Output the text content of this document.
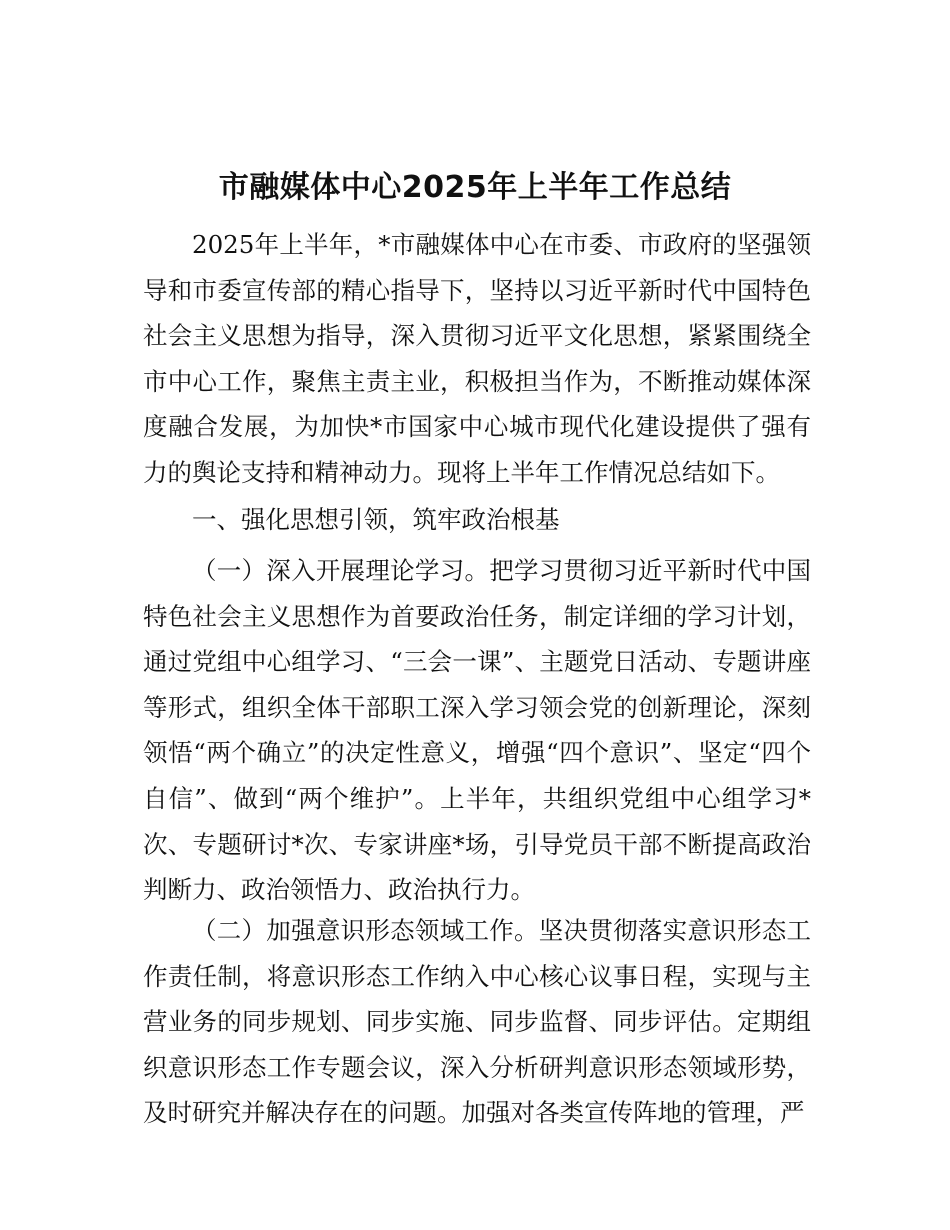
市融媒体中心2025年上半年工作总结

2025年上半年，*市融媒体中心在市委、市政府的坚强领导和市委宣传部的精心指导下，坚持以习近平新时代中国特色社会主义思想为指导，深入贯彻习近平文化思想，紧紧围绕全市中心工作，聚焦主责主业，积极担当作为，不断推动媒体深度融合发展，为加快*市国家中心城市现代化建设提供了强有力的舆论支持和精神动力。现将上半年工作情况总结如下。

一、强化思想引领，筑牢政治根基

（一）深入开展理论学习。把学习贯彻习近平新时代中国特色社会主义思想作为首要政治任务，制定详细的学习计划，通过党组中心组学习、“三会一课”、主题党日活动、专题讲座等形式，组织全体干部职工深入学习领会党的创新理论，深刻领悟“两个确立”的决定性意义，增强“四个意识”、坚定“四个自信”、做到“两个维护”。上半年，共组织党组中心组学习*次、专题研讨*次、专家讲座*场，引导党员干部不断提高政治判断力、政治领悟力、政治执行力。

（二）加强意识形态领域工作。坚决贯彻落实意识形态工作责任制，将意识形态工作纳入中心核心议事日程，实现与主营业务的同步规划、同步实施、同步监督、同步评估。定期组织意识形态工作专题会议，深入分析研判意识形态领域形势，及时研究并解决存在的问题。加强对各类宣传阵地的管理，严
